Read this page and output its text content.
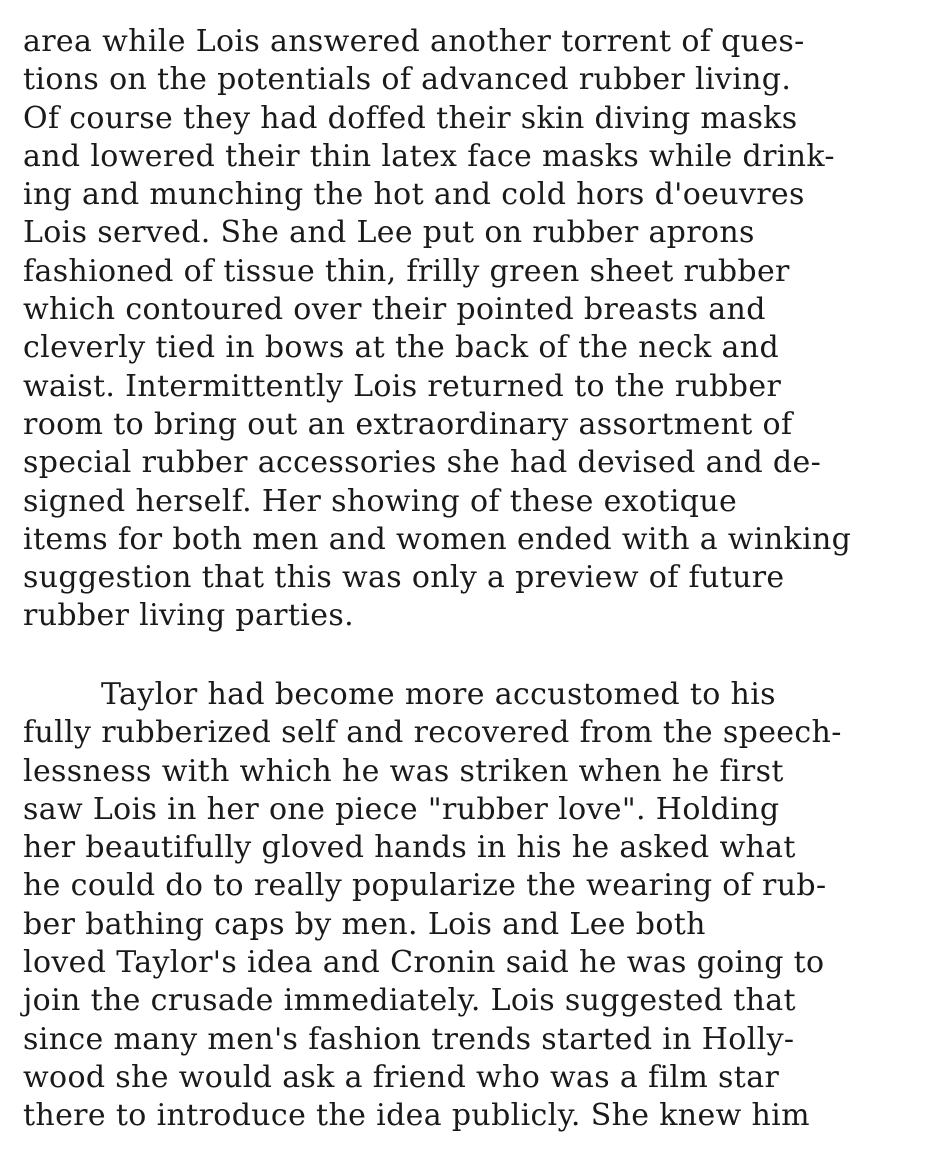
area while Lois answered another torrent of ques-
tions on the potentials of advanced rubber living.
Of course they had doffed their skin diving masks
and lowered their thin latex face masks while drink-
ing and munching the hot and cold hors d'oeuvres
Lois served. She and Lee put on rubber aprons
fashioned of tissue thin, frilly green sheet rubber
which contoured over their pointed breasts and
cleverly tied in bows at the back of the neck and
waist. Intermittently Lois returned to the rubber
room to bring out an extraordinary assortment of
special rubber accessories she had devised and de-
signed herself. Her showing of these exotique
items for both men and women ended with a winking
suggestion that this was only a preview of future
rubber living parties.
Taylor had become more accustomed to his
fully rubberized self and recovered from the speech-
lessness with which he was striken when he first
saw Lois in her one piece "rubber love". Holding
her beautifully gloved hands in his he asked what
he could do to really popularize the wearing of rub-
ber bathing caps by men. Lois and Lee both
loved Taylor's idea and Cronin said he was going to
join the crusade immediately. Lois suggested that
since many men's fashion trends started in Holly-
wood she would ask a friend who was a film star
there to introduce the idea publicly. She knew him
